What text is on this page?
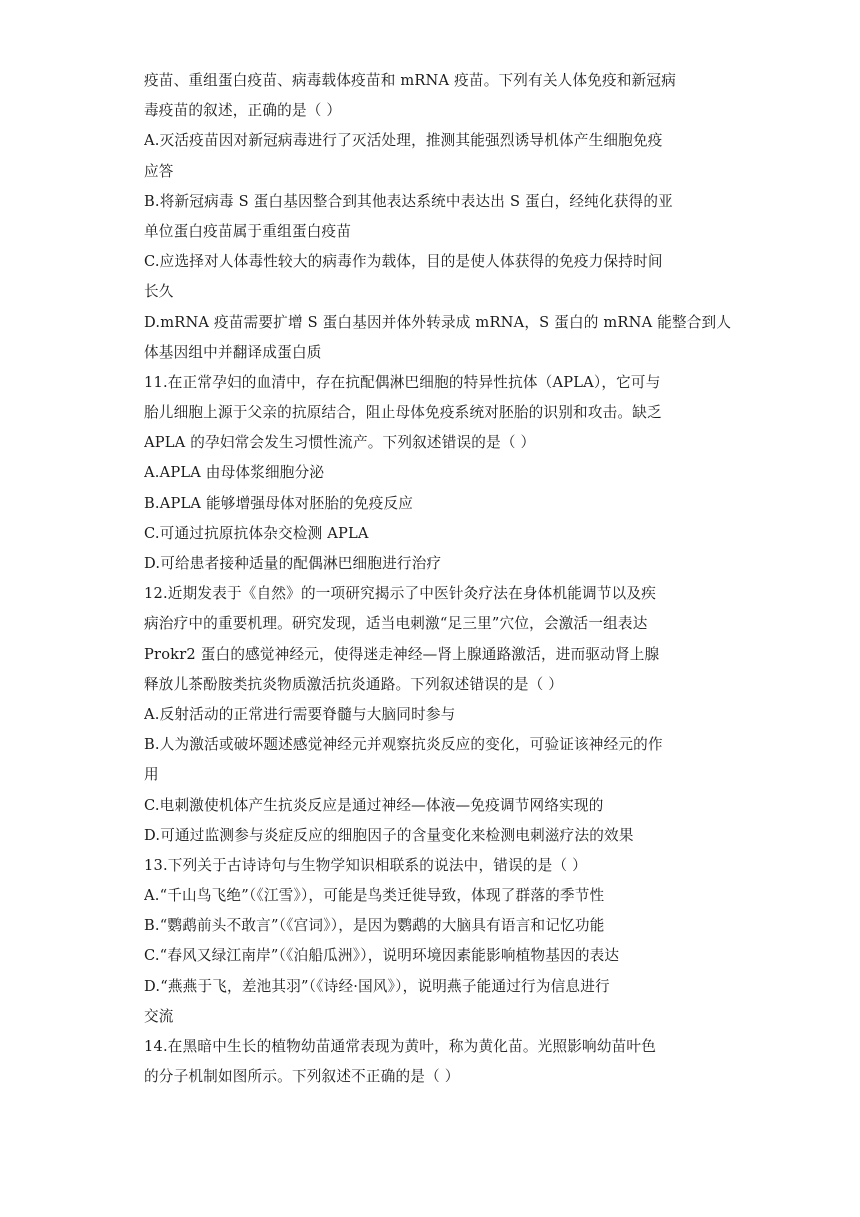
疫苗、重组蛋白疫苗、病毒载体疫苗和 mRNA 疫苗。下列有关人体免疫和新冠病

毒疫苗的叙述，正确的是（ ）

A.灭活疫苗因对新冠病毒进行了灭活处理，推测其能强烈诱导机体产生细胞免疫

应答

B.将新冠病毒 S 蛋白基因整合到其他表达系统中表达出 S 蛋白，经纯化获得的亚

单位蛋白疫苗属于重组蛋白疫苗

C.应选择对人体毒性较大的病毒作为载体，目的是使人体获得的免疫力保持时间

长久

D.mRNA 疫苗需要扩增 S 蛋白基因并体外转录成 mRNA，S 蛋白的 mRNA 能整合到人

体基因组中并翻译成蛋白质

11.在正常孕妇的血清中，存在抗配偶淋巴细胞的特异性抗体（APLA），它可与

胎儿细胞上源于父亲的抗原结合，阻止母体免疫系统对胚胎的识别和攻击。缺乏

APLA 的孕妇常会发生习惯性流产。下列叙述错误的是（ ）

A.APLA 由母体浆细胞分泌

B.APLA 能够增强母体对胚胎的免疫反应

C.可通过抗原抗体杂交检测 APLA

D.可给患者接种适量的配偶淋巴细胞进行治疗

12.近期发表于《自然》的一项研究揭示了中医针灸疗法在身体机能调节以及疾

病治疗中的重要机理。研究发现，适当电刺激“足三里”穴位，会激活一组表达

Prokr2 蛋白的感觉神经元，使得迷走神经—肾上腺通路激活，进而驱动肾上腺

释放儿茶酚胺类抗炎物质激活抗炎通路。下列叙述错误的是（ ）

A.反射活动的正常进行需要脊髓与大脑同时参与

B.人为激活或破坏题述感觉神经元并观察抗炎反应的变化，可验证该神经元的作

用

C.电刺激使机体产生抗炎反应是通过神经—体液—免疫调节网络实现的

D.可通过监测参与炎症反应的细胞因子的含量变化来检测电刺滋疗法的效果

13.下列关于古诗诗句与生物学知识相联系的说法中，错误的是（ ）

A.“千山鸟飞绝”（《江雪》），可能是鸟类迁徙导致，体现了群落的季节性

B.“鹦鹉前头不敢言”（《宫词》），是因为鹦鹉的大脑具有语言和记忆功能

C.“春风又绿江南岸”（《泊船瓜洲》），说明环境因素能影响植物基因的表达

D.“燕燕于飞，差池其羽”（《诗经·国风》），说明燕子能通过行为信息进行

交流

14.在黑暗中生长的植物幼苗通常表现为黄叶，称为黄化苗。光照影响幼苗叶色

的分子机制如图所示。下列叙述不正确的是（ ）
